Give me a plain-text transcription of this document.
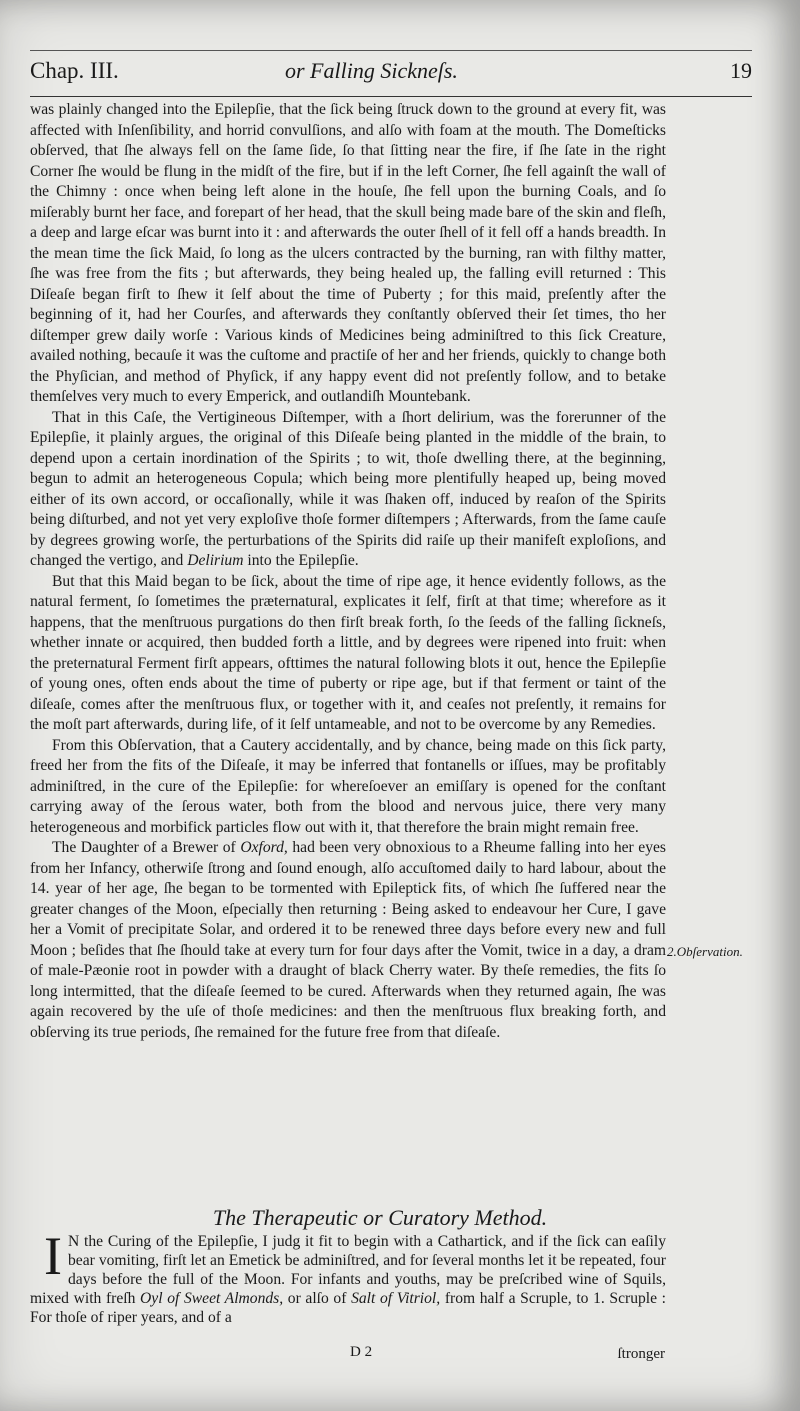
Chap. III.	or Falling Sickneſs.	19

was plainly changed into the Epilepſie, that the ſick being ſtruck down to the ground at every fit, was affected with Inſenſibility, and horrid convulſions, and alſo with foam at the mouth. The Domeſticks obſerved, that ſhe always fell on the ſame ſide, ſo that ſitting near the fire, if ſhe ſate in the right Corner ſhe would be flung in the midſt of the fire, but if in the left Corner, ſhe fell againſt the wall of the Chimny : once when being left alone in the houſe, ſhe fell upon the burning Coals, and ſo miſerably burnt her face, and forepart of her head, that the skull being made bare of the skin and fleſh, a deep and large eſcar was burnt into it : and afterwards the outer ſhell of it fell off a hands breadth. In the mean time the ſick Maid, ſo long as the ulcers contracted by the burning, ran with filthy matter, ſhe was free from the fits ; but afterwards, they being healed up, the falling evill returned : This Diſeaſe began firſt to ſhew it ſelf about the time of Puberty ; for this maid, preſently after the beginning of it, had her Courſes, and afterwards they conſtantly obſerved their ſet times, tho her diſtemper grew daily worſe : Various kinds of Medicines being adminiſtred to this ſick Creature, availed nothing, becauſe it was the cuſtome and practiſe of her and her friends, quickly to change both the Phyſician, and method of Phyſick, if any happy event did not preſently follow, and to betake themſelves very much to every Emperick, and outlandiſh Mountebank.

That in this Caſe, the Vertigineous Diſtemper, with a ſhort delirium, was the forerunner of the Epilepſie, it plainly argues, the original of this Diſeaſe being planted in the middle of the brain, to depend upon a certain inordination of the Spirits ; to wit, thoſe dwelling there, at the beginning, begun to admit an heterogeneous Copula; which being more plentifully heaped up, being moved either of its own accord, or occaſionally, while it was ſhaken off, induced by reaſon of the Spirits being diſturbed, and not yet very exploſive thoſe former diſtempers ; Afterwards, from the ſame cauſe by degrees growing worſe, the perturbations of the Spirits did raiſe up their manifeſt exploſions, and changed the vertigo, and Delirium into the Epilepſie.

But that this Maid began to be ſick, about the time of ripe age, it hence evidently follows, as the natural ferment, ſo ſometimes the præternatural, explicates it ſelf, firſt at that time; wherefore as it happens, that the menſtruous purgations do then firſt break forth, ſo the ſeeds of the falling ſickneſs, whether innate or acquired, then budded forth a little, and by degrees were ripened into fruit: when the preternatural Ferment firſt appears, ofttimes the natural following blots it out, hence the Epilepſie of young ones, often ends about the time of puberty or ripe age, but if that ferment or taint of the diſeaſe, comes after the menſtruous flux, or together with it, and ceaſes not preſently, it remains for the moſt part afterwards, during life, of it ſelf untameable, and not to be overcome by any Remedies.

From this Obſervation, that a Cautery accidentally, and by chance, being made on this ſick party, freed her from the fits of the Diſeaſe, it may be inferred that fontanells or iſſues, may be profitably adminiſtred, in the cure of the Epilepſie: for whereſoever an emiſſary is opened for the conſtant carrying away of the ſerous water, both from the blood and nervous juice, there very many heterogeneous and morbifick particles flow out with it, that therefore the brain might remain free.

The Daughter of a Brewer of Oxford, had been very obnoxious to a Rheume falling into her eyes from her Infancy, otherwiſe ſtrong and ſound enough, alſo accuſtomed daily to hard labour, about the 14. year of her age, ſhe began to be tormented with Epileptick fits, of which ſhe ſuffered near the greater changes of the Moon, eſpecially then returning : Being asked to endeavour her Cure, I gave her a Vomit of precipitate Solar, and ordered it to be renewed three days before every new and full Moon ; beſides that ſhe ſhould take at every turn for four days after the Vomit, twice in a day, a dram of male-Pæonie root in powder with a draught of black Cherry water. By theſe remedies, the fits ſo long intermitted, that the diſeaſe ſeemed to be cured. Afterwards when they returned again, ſhe was again recovered by the uſe of thoſe medicines: and then the menſtruous flux breaking forth, and obſerving its true periods, ſhe remained for the future free from that diſeaſe.

2.Obſervation.
The Therapeutic or Curatory Method.
I N the Curing of the Epilepſie, I judg it fit to begin with a Cathartick, and if the ſick can eaſily bear vomiting, firſt let an Emetick be adminiſtred, and for ſeveral months let it be repeated, four days before the full of the Moon. For infants and youths, may be preſcribed wine of Squils, mixed with freſh Oyl of Sweet Almonds, or alſo of Salt of Vitriol, from half a Scruple, to 1. Scruple : For thoſe of riper years, and of a
D 2	ſtronger
